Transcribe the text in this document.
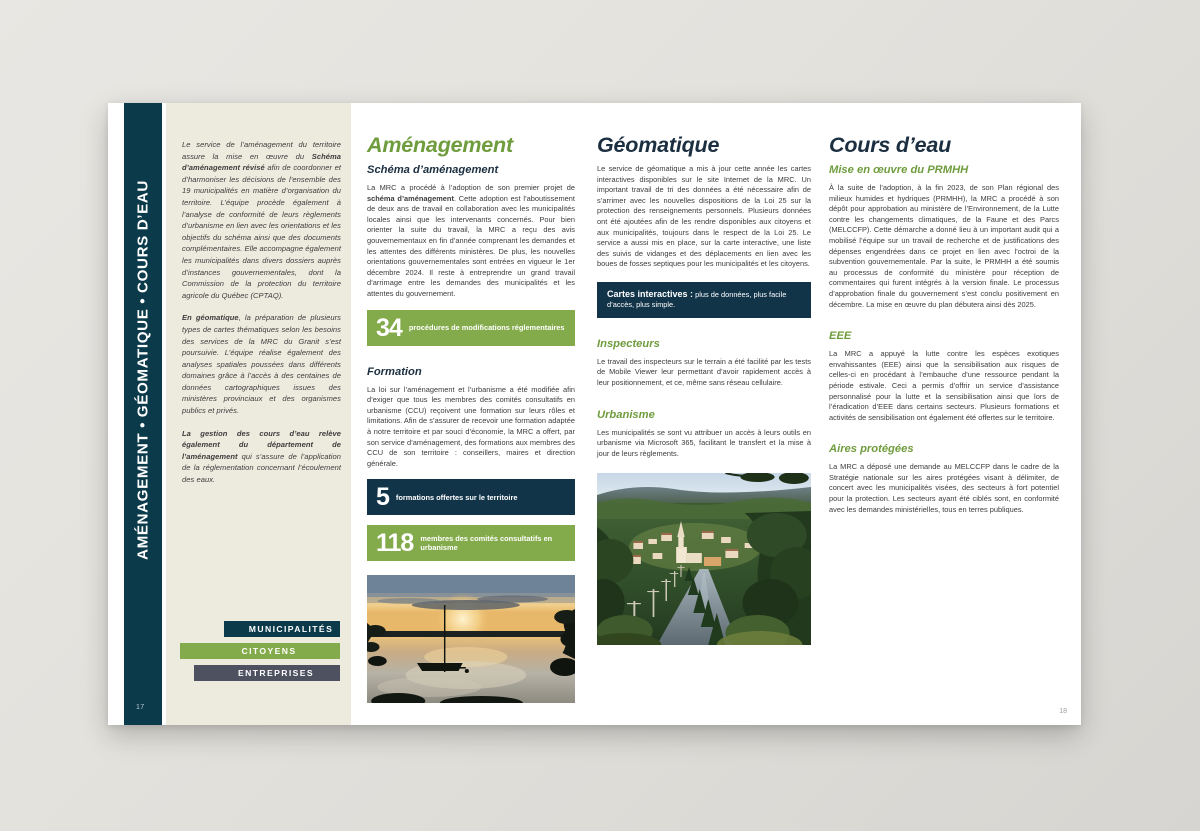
Le service de l’aménagement du territoire assure la mise en œuvre du Schéma d’aménagement révisé afin de coordonner et d’harmoniser les décisions de l’ensemble des 19 municipalités en matière d’organisation du territoire. L’équipe procède également à l’analyse de conformité de leurs règlements d’urbanisme en lien avec les orientations et les objectifs du schéma ainsi que des documents complémentaires. Elle accompagne également les municipalités dans divers dossiers auprès d’instances gouvernementales, dont la Commission de la protection du territoire agricole du Québec (CPTAQ).

En géomatique, la préparation de plusieurs types de cartes thématiques selon les besoins des services de la MRC du Granit s’est poursuivie. L’équipe réalise également des analyses spatiales poussées dans différents domaines grâce à l’accès à des centaines de données cartographiques issues des ministères provinciaux et des organismes publics et privés.

La gestion des cours d’eau relève également du département de l’aménagement qui s’assure de l’application de la réglementation concernant l’écoulement des eaux.

MUNICIPALITÉS
CITOYENS
ENTREPRISES
AMÉNAGEMENT • GÉOMATIQUE • COURS D’EAU
17
Aménagement
Schéma d’aménagement

La MRC a procédé à l’adoption de son premier projet de schéma d’aménagement. Cette adoption est l’aboutissement de deux ans de travail en collaboration avec les municipalités locales ainsi que les intervenants concernés. Pour bien orienter la suite du travail, la MRC a reçu des avis gouvernementaux en fin d’année comprenant les demandes et les attentes des différents ministères. De plus, les nouvelles orientations gouvernementales sont entrées en vigueur le 1er décembre 2024. Il reste à entreprendre un grand travail d’arrimage entre les demandes des municipalités et les attentes du gouvernement.

34 procédures de modifications réglementaires
Formation

La loi sur l’aménagement et l’urbanisme a été modifiée afin d’exiger que tous les membres des comités consultatifs en urbanisme (CCU) reçoivent une formation sur leurs rôles et limitations. Afin de s’assurer de recevoir une formation adaptée à notre territoire et par souci d’économie, la MRC a offert, par son service d’aménagement, des formations aux membres des CCU de son territoire : conseillers, maires et direction générale.

5 formations offertes sur le territoire
118 membres des comités consultatifs en urbanisme
Géomatique

Le service de géomatique a mis à jour cette année les cartes interactives disponibles sur le site Internet de la MRC. Un important travail de tri des données a été nécessaire afin de s’arrimer avec les nouvelles dispositions de la Loi 25 sur la protection des renseignements personnels. Plusieurs données ont été ajoutées afin de les rendre disponibles aux citoyens et aux municipalités, toujours dans le respect de la Loi 25. Le service a aussi mis en place, sur la carte interactive, une liste des suivis de vidanges et des déplacements en lien avec les boues de fosses septiques pour les municipalités et les citoyens.

Cartes interactives : plus de données, plus facile d’accès, plus simple.
Inspecteurs

Le travail des inspecteurs sur le terrain a été facilité par les tests de Mobile Viewer leur permettant d’avoir rapidement accès à leur positionnement, et ce, même sans réseau cellulaire.

Urbanisme

Les municipalités se sont vu attribuer un accès à leurs outils en urbanisme via Microsoft 365, facilitant le transfert et la mise à jour de leurs règlements.

Cours d’eau
Mise en œuvre du PRMHH

À la suite de l’adoption, à la fin 2023, de son Plan régional des milieux humides et hydriques (PRMHH), la MRC a procédé à son dépôt pour approbation au ministère de l’Environnement, de la Lutte contre les changements climatiques, de la Faune et des Parcs (MELCCFP). Cette démarche a donné lieu à un important audit qui a mobilisé l’équipe sur un travail de recherche et de justifications des dépenses engendrées dans ce projet en lien avec l’octroi de la subvention gouvernementale. Par la suite, le PRMHH a été soumis au processus de conformité du ministère pour réception de commentaires qui furent intégrés à la version finale. Le processus d’approbation finale du gouvernement s’est conclu positivement en décembre. La mise en œuvre du plan débutera ainsi dès 2025.

EEE

La MRC a appuyé la lutte contre les espèces exotiques envahissantes (EEE) ainsi que la sensibilisation aux risques de celles-ci en procédant à l’embauche d’une ressource pendant la période estivale. Ceci a permis d’offrir un service d’assistance personnalisé pour la lutte et la sensibilisation ainsi que lors de l’éradication d’EEE dans certains secteurs. Plusieurs formations et activités de sensibilisation ont également été offertes sur le territoire.

Aires protégées

La MRC a déposé une demande au MELCCFP dans le cadre de la Stratégie nationale sur les aires protégées visant à délimiter, de concert avec les municipalités visées, des secteurs à fort potentiel pour la protection. Les secteurs ayant été ciblés sont, en conformité avec les demandes ministérielles, tous en terres publiques.

18
